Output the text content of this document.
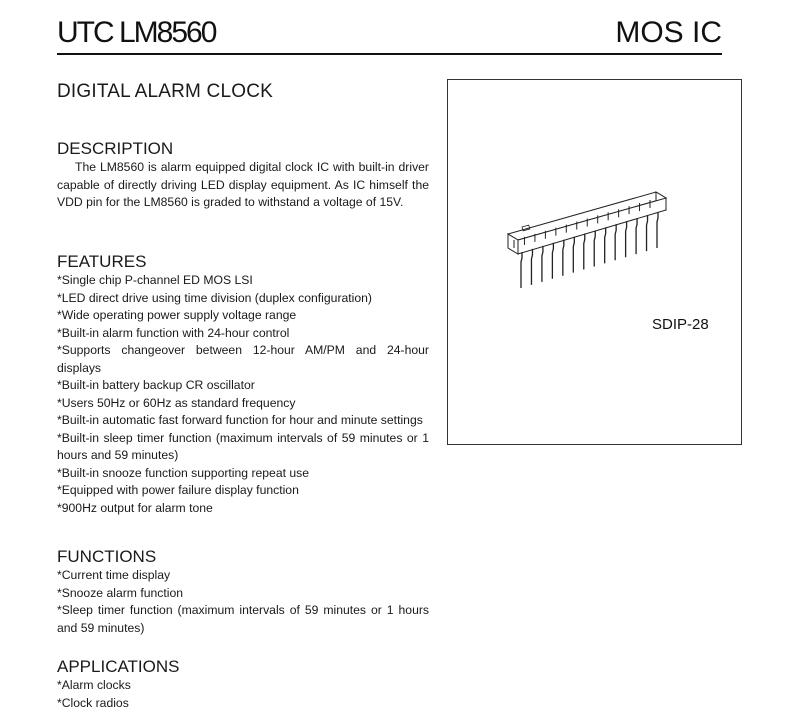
UTC LM8560	MOS IC
DIGITAL ALARM CLOCK
DESCRIPTION

The LM8560 is alarm equipped digital clock IC with built-in driver capable of directly driving LED display equipment. As IC himself the VDD pin for the LM8560 is graded to withstand a voltage of 15V.

FEATURES
*Single chip P-channel ED MOS LSI
*LED direct drive using time division (duplex configuration)
*Wide operating power supply voltage range
*Built-in alarm function with 24-hour control
*Supports changeover between 12-hour AM/PM and 24-hour displays
*Built-in battery backup CR oscillator
*Users 50Hz or 60Hz as standard frequency
*Built-in automatic fast forward function for hour and minute settings
*Built-in sleep timer function (maximum intervals of 59 minutes or 1 hours and 59 minutes)
*Built-in snooze function supporting repeat use
*Equipped with power failure display function
*900Hz output for alarm tone
FUNCTIONS
*Current time display
*Snooze alarm function
*Sleep timer function (maximum intervals of 59 minutes or 1 hours and 59 minutes)
APPLICATIONS
*Alarm clocks
*Clock radios
SDIP-28
